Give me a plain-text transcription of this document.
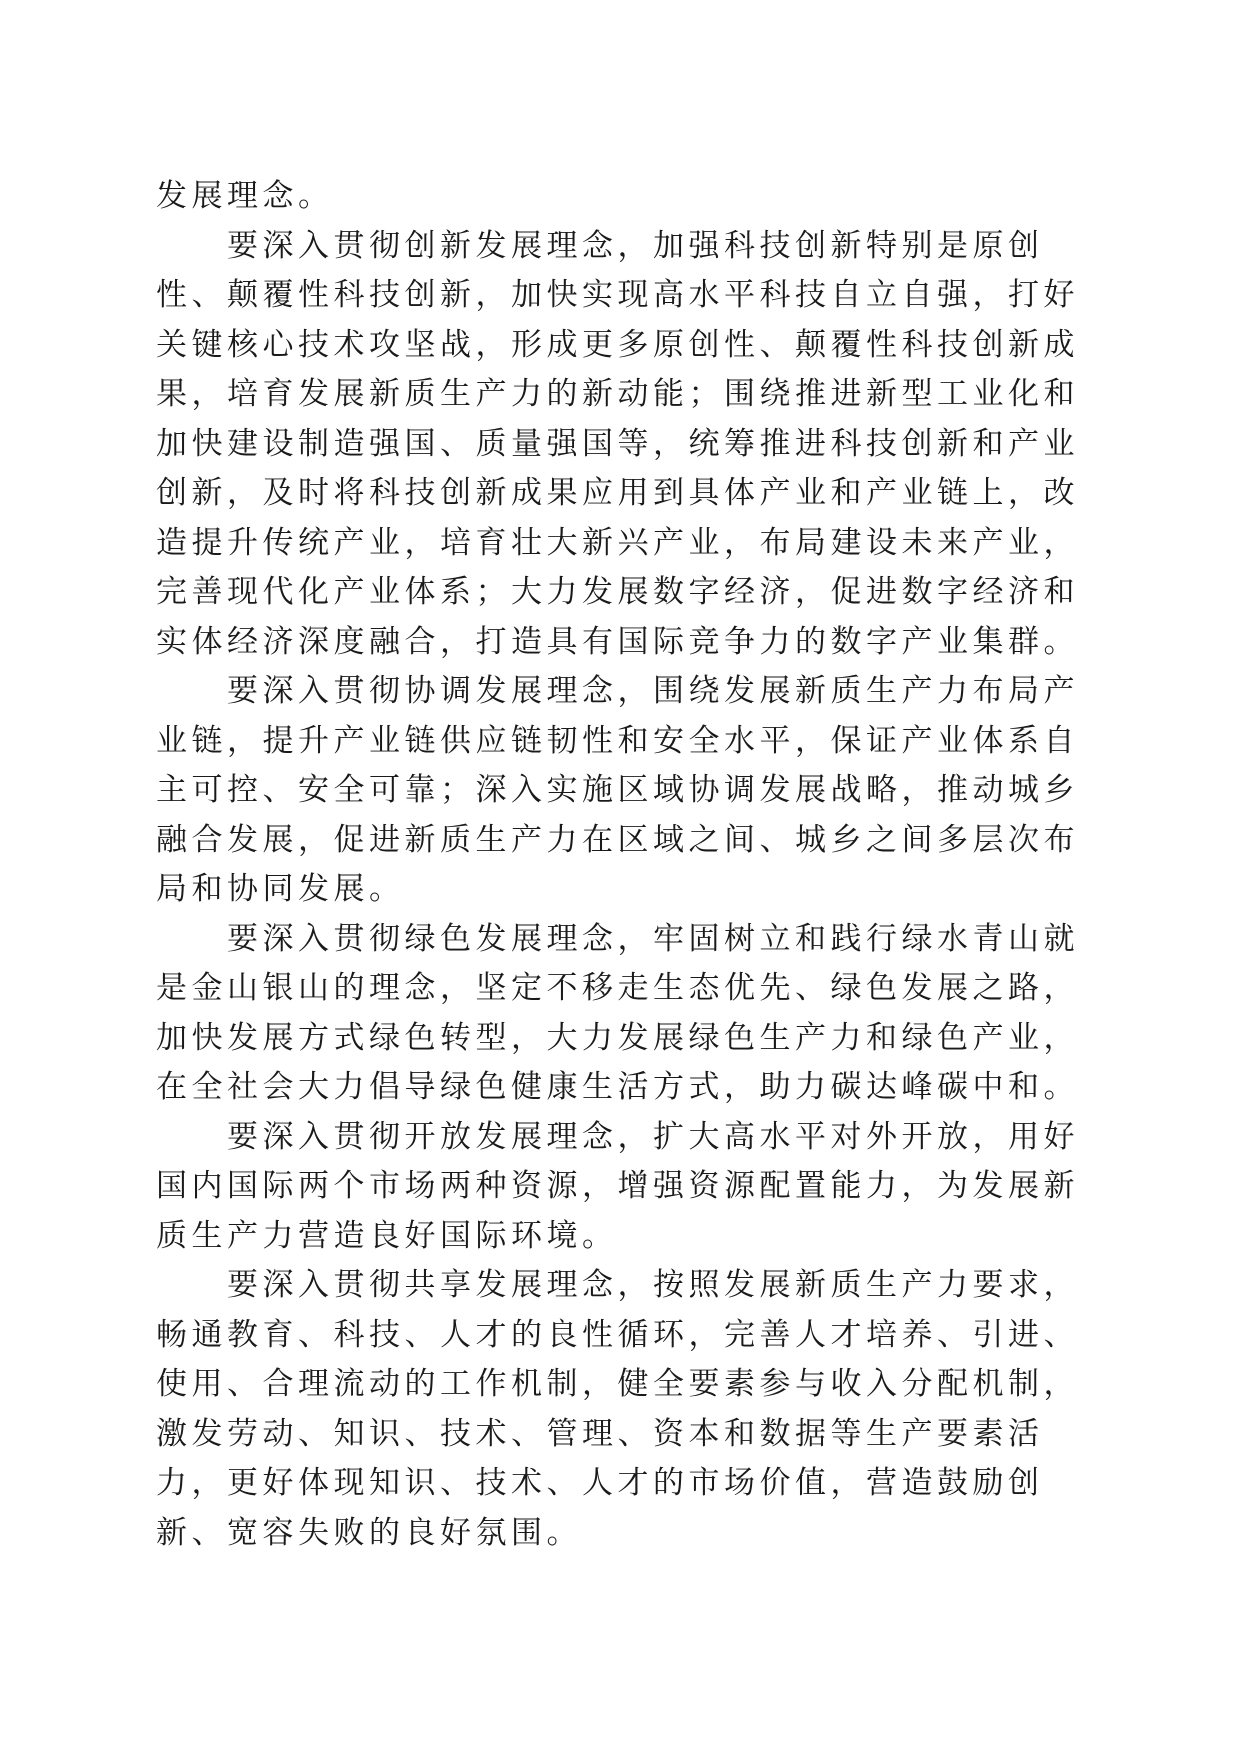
发展理念。

要深入贯彻创新发展理念，加强科技创新特别是原创性、颠覆性科技创新，加快实现高水平科技自立自强，打好关键核心技术攻坚战，形成更多原创性、颠覆性科技创新成果，培育发展新质生产力的新动能；围绕推进新型工业化和加快建设制造强国、质量强国等，统筹推进科技创新和产业创新，及时将科技创新成果应用到具体产业和产业链上，改造提升传统产业，培育壮大新兴产业，布局建设未来产业，完善现代化产业体系；大力发展数字经济，促进数字经济和实体经济深度融合，打造具有国际竞争力的数字产业集群。

要深入贯彻协调发展理念，围绕发展新质生产力布局产业链，提升产业链供应链韧性和安全水平，保证产业体系自主可控、安全可靠；深入实施区域协调发展战略，推动城乡融合发展，促进新质生产力在区域之间、城乡之间多层次布局和协同发展。

要深入贯彻绿色发展理念，牢固树立和践行绿水青山就是金山银山的理念，坚定不移走生态优先、绿色发展之路，加快发展方式绿色转型，大力发展绿色生产力和绿色产业，在全社会大力倡导绿色健康生活方式，助力碳达峰碳中和。

要深入贯彻开放发展理念，扩大高水平对外开放，用好国内国际两个市场两种资源，增强资源配置能力，为发展新质生产力营造良好国际环境。

要深入贯彻共享发展理念，按照发展新质生产力要求，畅通教育、科技、人才的良性循环，完善人才培养、引进、使用、合理流动的工作机制，健全要素参与收入分配机制，激发劳动、知识、技术、管理、资本和数据等生产要素活力，更好体现知识、技术、人才的市场价值，营造鼓励创新、宽容失败的良好氛围。
